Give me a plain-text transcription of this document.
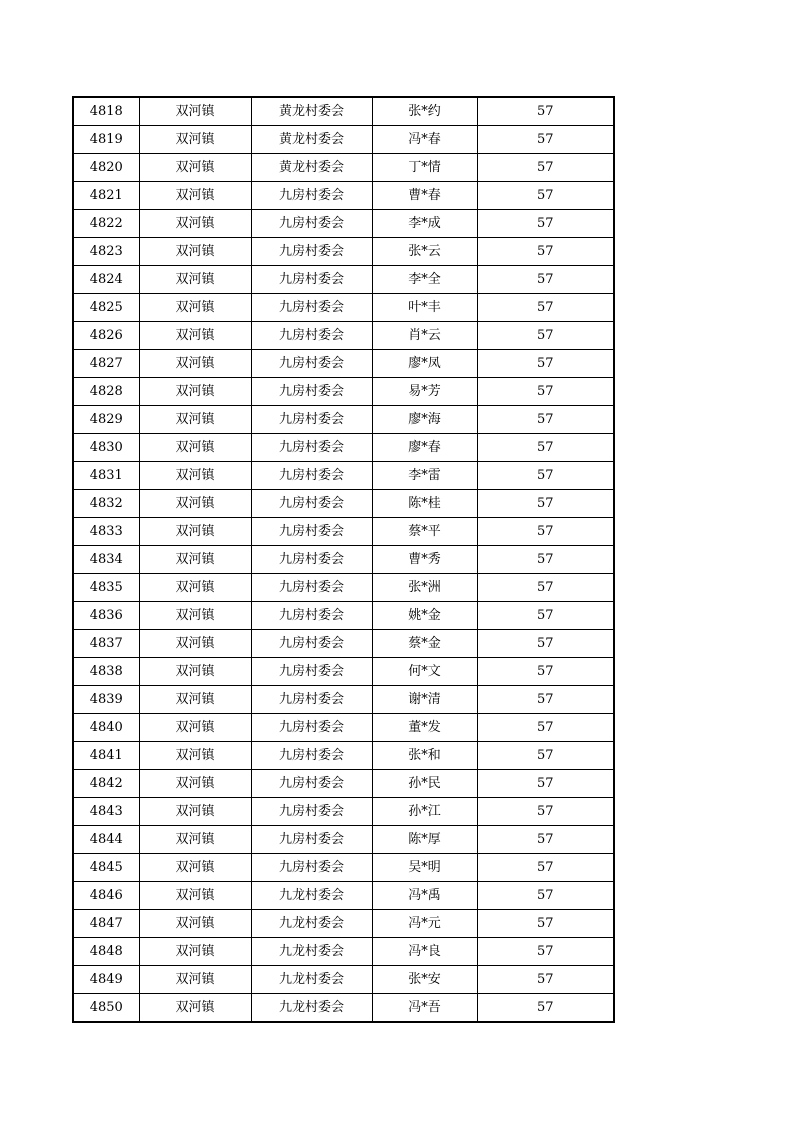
4818	双河镇	黄龙村委会	张*约	57
4819	双河镇	黄龙村委会	冯*春	57
4820	双河镇	黄龙村委会	丁*情	57
4821	双河镇	九房村委会	曹*春	57
4822	双河镇	九房村委会	李*成	57
4823	双河镇	九房村委会	张*云	57
4824	双河镇	九房村委会	李*全	57
4825	双河镇	九房村委会	叶*丰	57
4826	双河镇	九房村委会	肖*云	57
4827	双河镇	九房村委会	廖*凤	57
4828	双河镇	九房村委会	易*芳	57
4829	双河镇	九房村委会	廖*海	57
4830	双河镇	九房村委会	廖*春	57
4831	双河镇	九房村委会	李*雷	57
4832	双河镇	九房村委会	陈*桂	57
4833	双河镇	九房村委会	蔡*平	57
4834	双河镇	九房村委会	曹*秀	57
4835	双河镇	九房村委会	张*洲	57
4836	双河镇	九房村委会	姚*金	57
4837	双河镇	九房村委会	蔡*金	57
4838	双河镇	九房村委会	何*文	57
4839	双河镇	九房村委会	谢*清	57
4840	双河镇	九房村委会	董*发	57
4841	双河镇	九房村委会	张*和	57
4842	双河镇	九房村委会	孙*民	57
4843	双河镇	九房村委会	孙*江	57
4844	双河镇	九房村委会	陈*厚	57
4845	双河镇	九房村委会	吴*明	57
4846	双河镇	九龙村委会	冯*禹	57
4847	双河镇	九龙村委会	冯*元	57
4848	双河镇	九龙村委会	冯*良	57
4849	双河镇	九龙村委会	张*安	57
4850	双河镇	九龙村委会	冯*吾	57
